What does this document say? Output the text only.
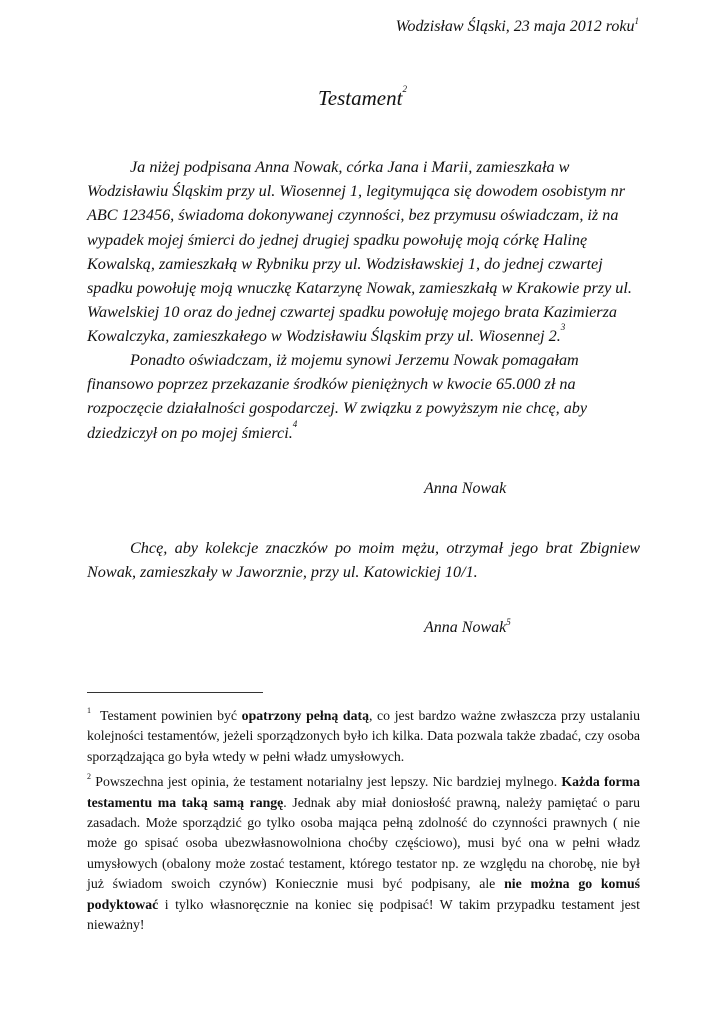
Wodzisław Śląski, 23 maja 2012 roku$^1$
Testament$^2$

Ja niżej podpisana Anna Nowak, córka Jana i Marii, zamieszkała w Wodzisławiu Śląskim przy ul. Wiosennej 1, legitymująca się dowodem osobistym nr ABC 123456, świadoma dokonywanej czynności, bez przymusu oświadczam, iż na wypadek mojej śmierci do jednej drugiej spadku powołuję moją córkę Halinę Kowalską, zamieszkałą w Rybniku przy ul. Wodzisławskiej 1, do jednej czwartej spadku powołuję moją wnuczkę Katarzynę Nowak, zamieszkałą w Krakowie przy ul. Wawelskiej 10 oraz do jednej czwartej spadku powołuję mojego brata Kazimierza Kowalczyka, zamieszkałego w Wodzisławiu Śląskim przy ul. Wiosennej 2.$^3$

Ponadto oświadczam, iż mojemu synowi Jerzemu Nowak pomagałam finansowo poprzez przekazanie środków pieniężnych w kwocie 65.000 zł na rozpoczęcie działalności gospodarczej. W związku z powyższym nie chcę, aby dziedziczył on po mojej śmierci.$^4$

Anna Nowak

Chcę, aby kolekcje znaczków po moim mężu, otrzymał jego brat Zbigniew Nowak, zamieszkały w Jaworznie, przy ul. Katowickiej 10/1.

Anna Nowak$^5$

$^1$ Testament powinien być opatrzony pełną datą, co jest bardzo ważne zwłaszcza przy ustalaniu kolejności testamentów, jeżeli sporządzonych było ich kilka. Data pozwala także zbadać, czy osoba sporządzająca go była wtedy w pełni władz umysłowych.

$^2$ Powszechna jest opinia, że testament notarialny jest lepszy. Nic bardziej mylnego. Każda forma testamentu ma taką samą rangę. Jednak aby miał doniosłość prawną, należy pamiętać o paru zasadach. Może sporządzić go tylko osoba mająca pełną zdolność do czynności prawnych ( nie może go spisać osoba ubezwłasnowolniona choćby częściowo), musi być ona w pełni władz umysłowych (obalony może zostać testament, którego testator np. ze względu na chorobę, nie był już świadom swoich czynów) Koniecznie musi być podpisany, ale nie można go komuś podyktować i tylko własnoręcznie na koniec się podpisać! W takim przypadku testament jest nieważny!
